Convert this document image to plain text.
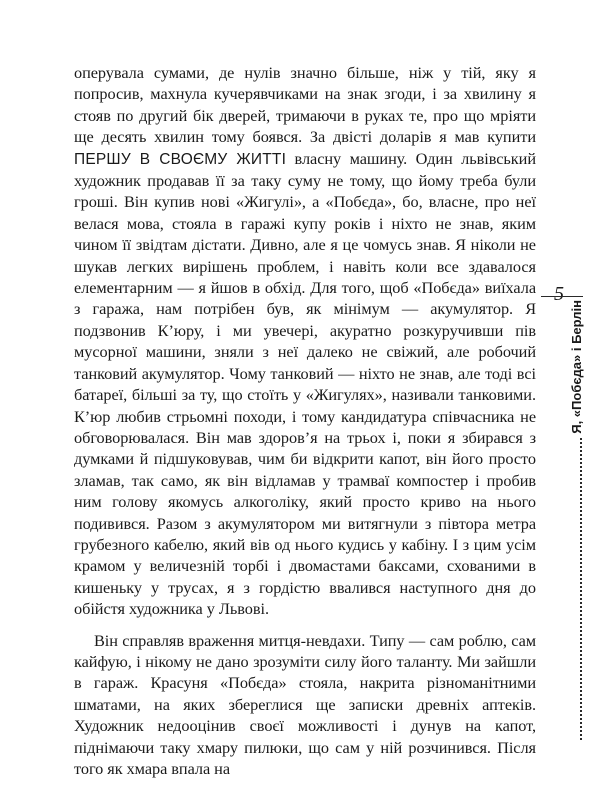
оперувала сумами, де нулів значно більше, ніж у тій, яку я попросив, махнула кучерявчиками на знак згоди, і за хвилину я стояв по другий бік дверей, тримаючи в руках те, про що мріяти ще десять хвилин тому боявся. За двісті доларів я мав купити ПЕРШУ В СВОЄМУ ЖИТТІ власну машину. Один львівський художник продавав її за таку суму не тому, що йому треба були гроші. Він купив нові «Жигулі», а «Побєда», бо, власне, про неї велася мова, стояла в гаражі купу років і ніхто не знав, яким чином її звідтам дістати. Дивно, але я це чомусь знав. Я ніколи не шукав легких вирішень проблем, і навіть коли все здавалося елементарним — я йшов в обхід. Для того, щоб «Побєда» виїхала з гаража, нам потрібен був, як мінімум — акумулятор. Я подзвонив К’юру, і ми увечері, акуратно розкуручивши пів мусорної машини, зняли з неї далеко не свіжий, але робочий танковий акумулятор. Чому танковий — ніхто не знав, але тоді всі батареї, більші за ту, що стоїть у «Жигулях», називали танковими. К’юр любив стрьомні походи, і тому кандидатура співчасника не обговорювалася. Він мав здоров’я на трьох і, поки я збирався з думками й підшуковував, чим би відкрити капот, він його просто зламав, так само, як він відламав у трамваї компостер і пробив ним голову якомусь алкоголіку, який просто криво на нього подивився. Разом з акумулятором ми витягнули з півтора метра грубезного кабелю, який вів од нього кудись у кабіну. І з цим усім крамом у величезній торбі і двомастами баксами, схованими в кишеньку у трусах, я з гордістю ввалився наступного дня до обійстя художника у Львові.

Він справляв враження митця-невдахи. Типу — сам роблю, сам кайфую, і нікому не дано зрозуміти силу його таланту. Ми зайшли в гараж. Красуня «Побєда» стояла, накрита різноманітними шматами, на яких збереглися ще записки древніх аптеків. Художник недооцінив своєї можливості і дунув на капот, піднімаючи таку хмару пилюки, що сам у ній розчинився. Після того як хмара впала на

5
Я, «Побєда» і Берлін
